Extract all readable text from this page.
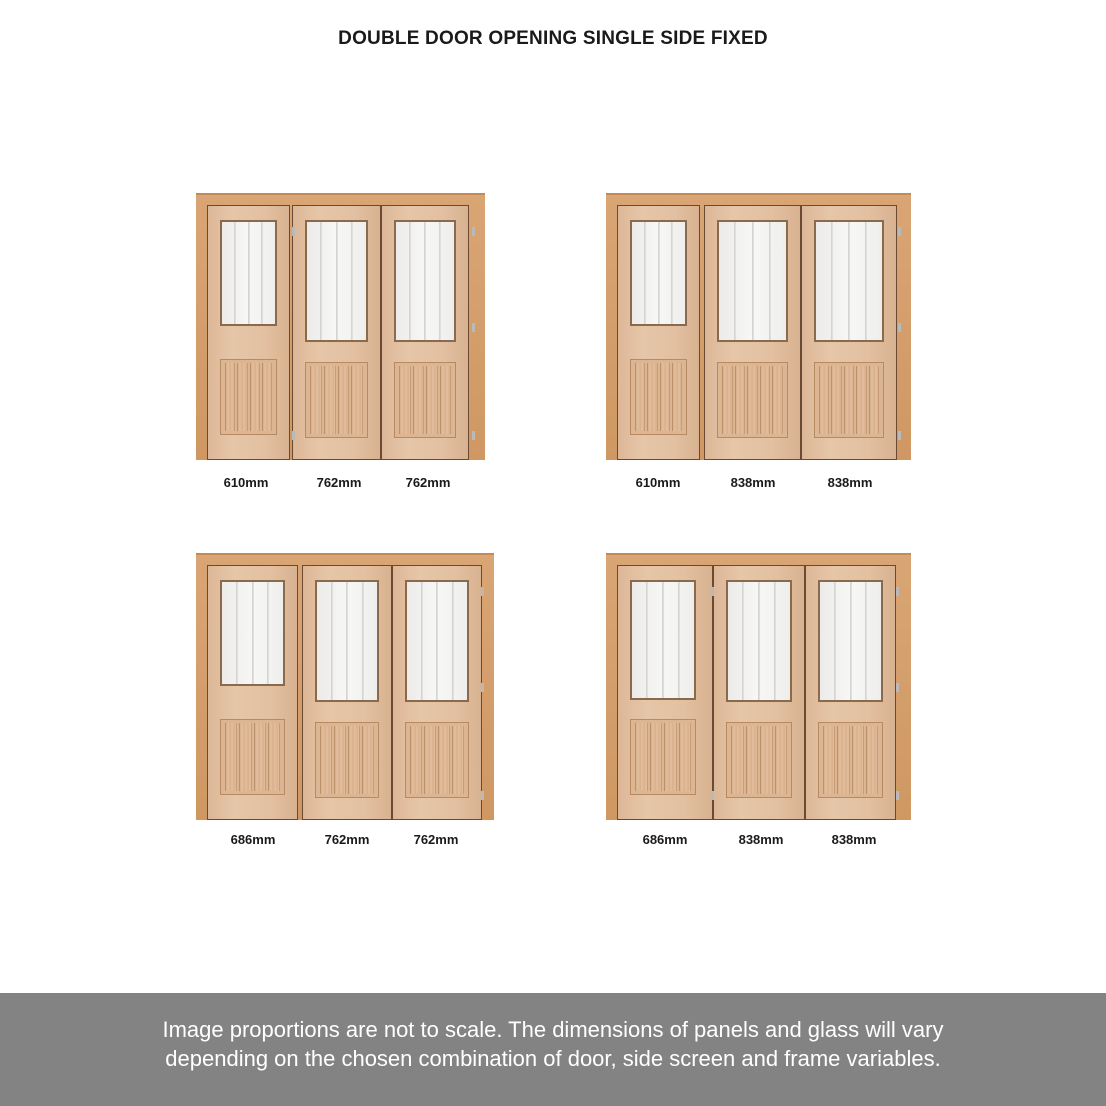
DOUBLE DOOR OPENING SINGLE SIDE FIXED
610mm	762mm	762mm	610mm	838mm	838mm
686mm	762mm	762mm	686mm	838mm	838mm
Image proportions are not to scale. The dimensions of panels and glass will vary
depending on the chosen combination of door, side screen and frame variables.
